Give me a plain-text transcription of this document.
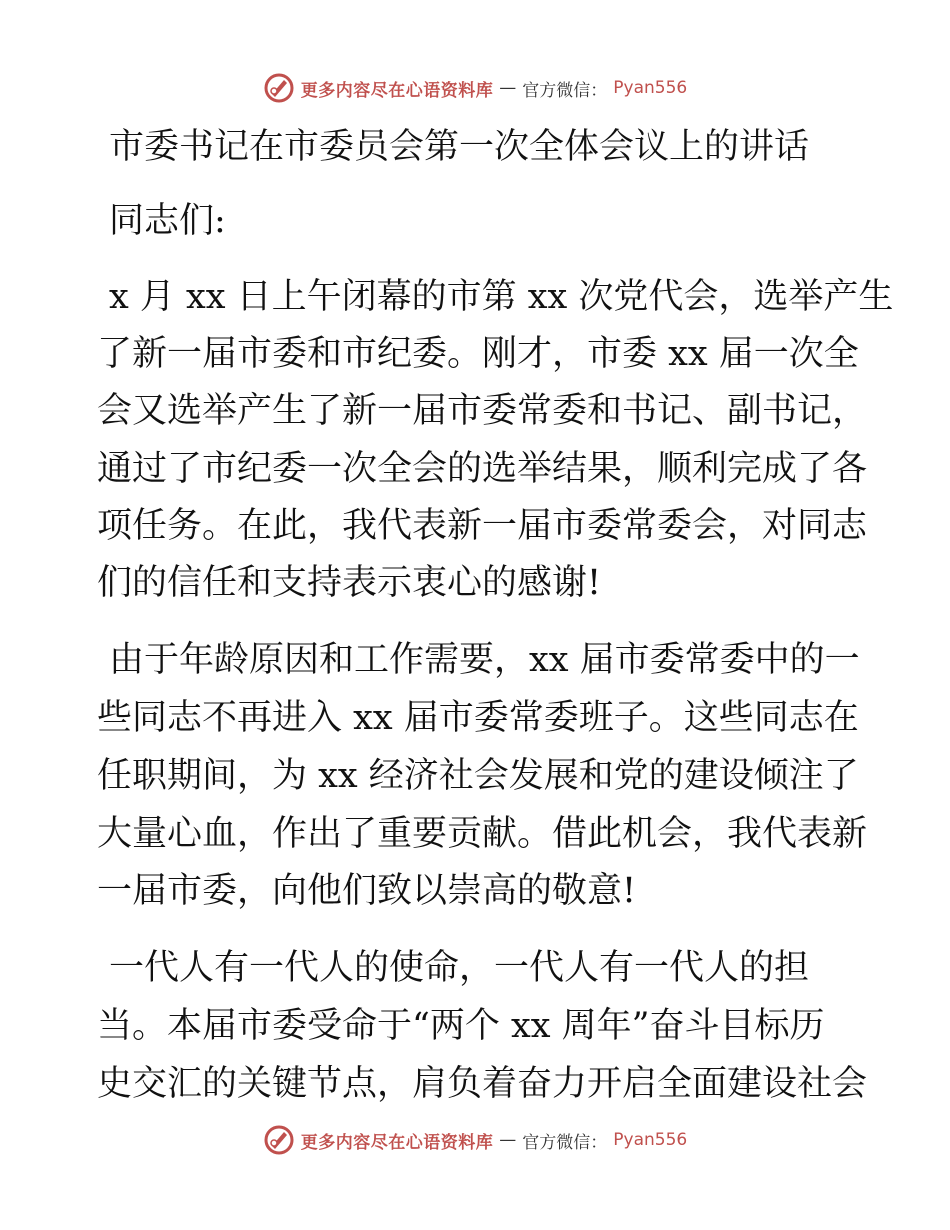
更多内容尽在心语资料库 — 官方微信： Pyan556
市委书记在市委员会第一次全体会议上的讲话
同志们:
x 月 xx 日上午闭幕的市第 xx 次党代会，选举产生
了新一届市委和市纪委。刚才，市委 xx 届一次全
会又选举产生了新一届市委常委和书记、副书记，
通过了市纪委一次全会的选举结果，顺利完成了各
项任务。在此，我代表新一届市委常委会，对同志
们的信任和支持表示衷心的感谢!
由于年龄原因和工作需要，xx 届市委常委中的一
些同志不再进入 xx 届市委常委班子。这些同志在
任职期间，为 xx 经济社会发展和党的建设倾注了
大量心血，作出了重要贡献。借此机会，我代表新
一届市委，向他们致以崇高的敬意!
一代人有一代人的使命，一代人有一代人的担
当。本届市委受命于“两个 xx 周年”奋斗目标历
史交汇的关键节点，肩负着奋力开启全面建设社会
更多内容尽在心语资料库 — 官方微信： Pyan556
